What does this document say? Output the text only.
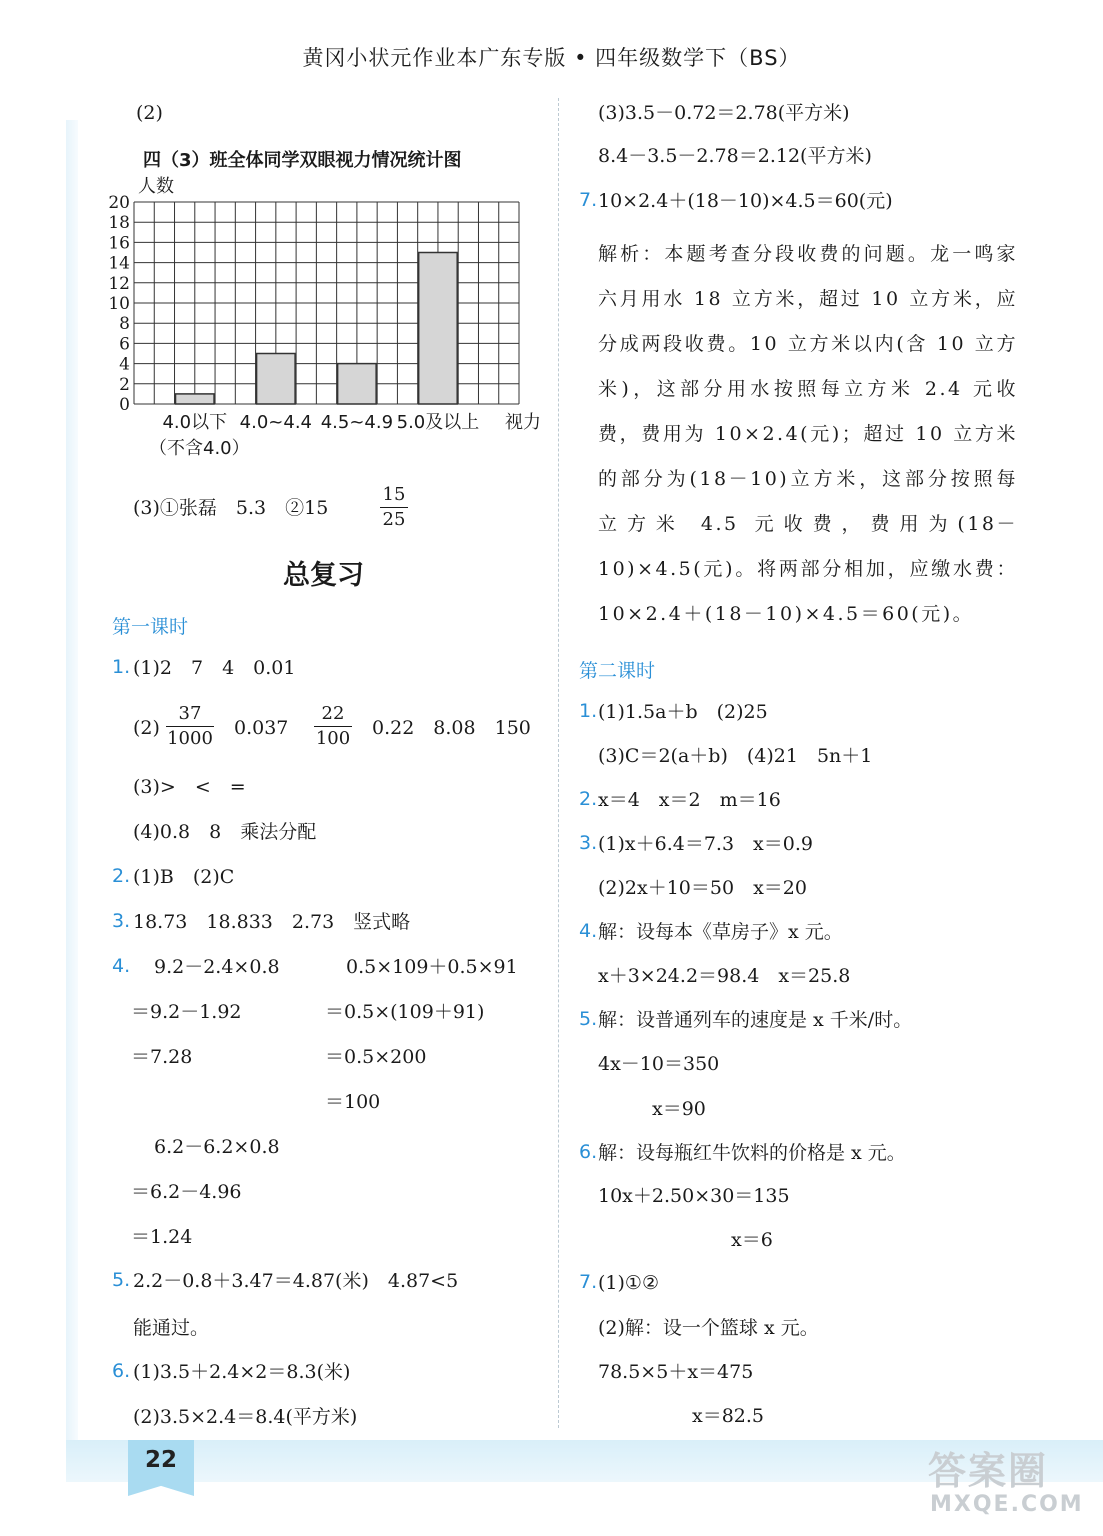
22
黄冈小状元作业本广东专版 • 四年级数学下（BS）
(2)
四（3）班全体同学双眼视力情况统计图
0
2
4
6
8
10
12
14
16
18
20
4.0以下 4.0~4.4 4.5~4.9 5.0及以上
人数
视力
（不含4.0）
(3)①张磊　5.3　②15
15
25
总复习
第一课时
1. (1)2　7　4　0.01
(2)
37
1000 0.037
22
100 0.22　8.08　150
(3)>　<　=
(4)0.8　8　乘法分配
2. (1)B　(2)C
3. 18.73　18.833　2.73　竖式略
4. 9.2－2.4×0.8
＝9.2－1.92
＝7.28
0.5×109＋0.5×91
＝0.5×(109＋91)
＝0.5×200
＝100
6.2－6.2×0.8
＝6.2－4.96
＝1.24
5. 2.2－0.8＋3.47＝4.87(米)　4.87<5
能通过。
6. (1)3.5＋2.4×2＝8.3(米)
(2)3.5×2.4＝8.4(平方米)
(3)3.5－0.72＝2.78(平方米)
8.4－3.5－2.78＝2.12(平方米)
7. 10×2.4＋(18－10)×4.5＝60(元)
解析：本题考查分段收费的问题。龙一鸣家六月用水 18 立方米，超过 10 立方米，应分成两段收费。10 立方米以内(含 10 立方米)，这部分用水按照每立方米 2.4 元收费，费用为 10×2.4(元)；超过 10 立方米的部分为(18－10)立方米，这部分按照每立方米 4.5 元收费，费用为(18－10)×4.5(元)。将两部分相加，应缴水费：10×2.4＋(18－10)×4.5＝60(元)。
第二课时
1. (1)1.5a＋b　(2)25
(3)C＝2(a＋b)　(4)21　5n＋1
2. x＝4　x＝2　m＝16
3. (1)x＋6.4＝7.3　x＝0.9
(2)2x＋10＝50　x＝20
4. 解：设每本《草房子》x 元。
x＋3×24.2＝98.4　x＝25.8
5. 解：设普通列车的速度是 x 千米/时。
4x－10＝350
x＝90
6. 解：设每瓶红牛饮料的价格是 x 元。
10x＋2.50×30＝135
x＝6
7. (1)①②
(2)解：设一个篮球 x 元。
78.5×5＋x＝475
x＝82.5
答案圈
MXQE.COM
